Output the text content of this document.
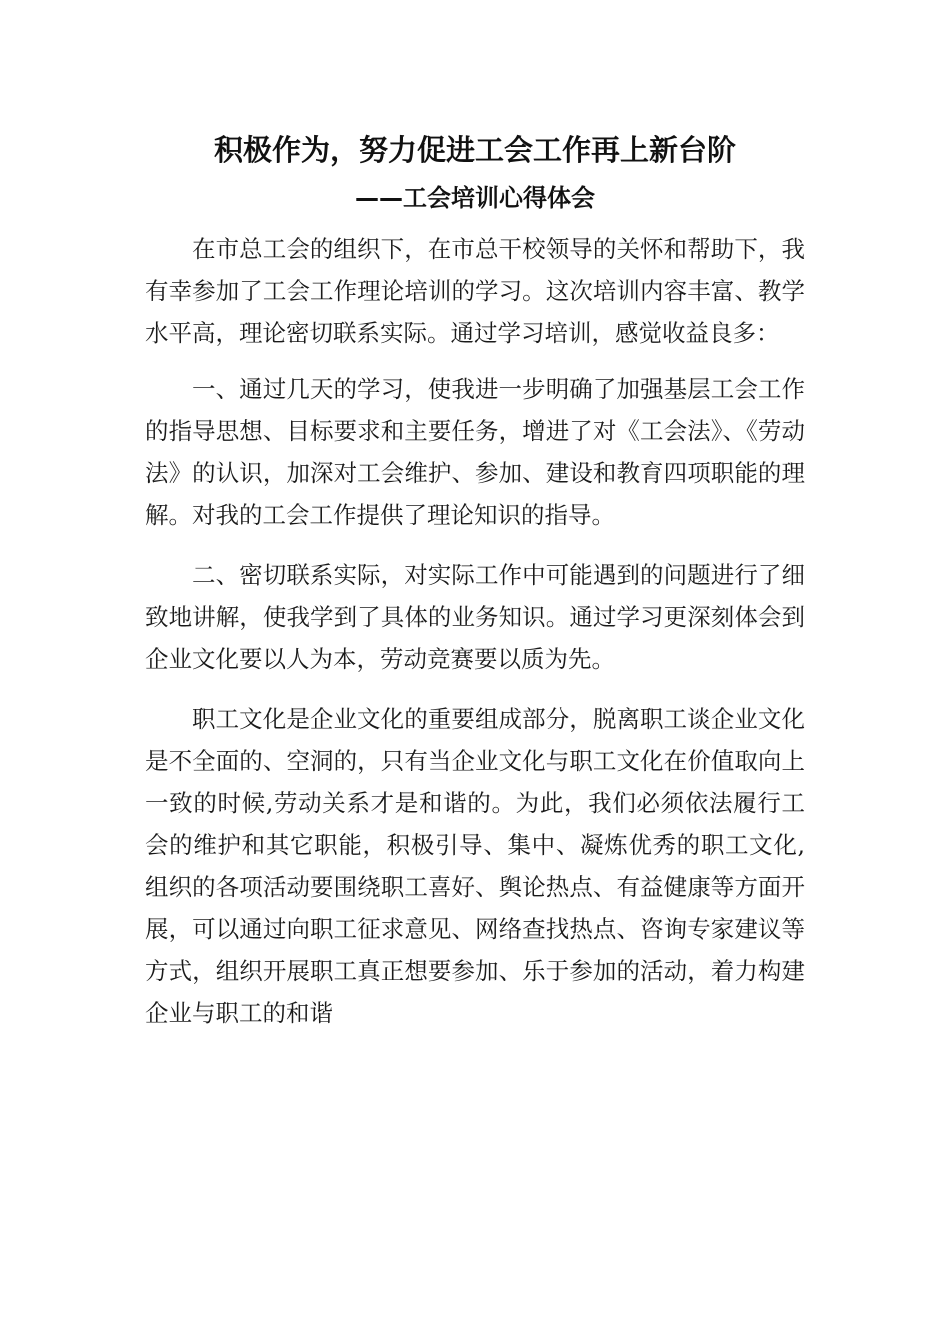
积极作为，努力促进工会工作再上新台阶
——工会培训心得体会

在市总工会的组织下，在市总干校领导的关怀和帮助下，我有幸参加了工会工作理论培训的学习。这次培训内容丰富、教学水平高，理论密切联系实际。通过学习培训，感觉收益良多：

一、通过几天的学习，使我进一步明确了加强基层工会工作的指导思想、目标要求和主要任务，增进了对《工会法》、《劳动法》的认识，加深对工会维护、参加、建设和教育四项职能的理解。对我的工会工作提供了理论知识的指导。

二、密切联系实际，对实际工作中可能遇到的问题进行了细致地讲解，使我学到了具体的业务知识。通过学习更深刻体会到企业文化要以人为本，劳动竞赛要以质为先。

职工文化是企业文化的重要组成部分，脱离职工谈企业文化是不全面的、空洞的，只有当企业文化与职工文化在价值取向上一致的时候,劳动关系才是和谐的。为此，我们必须依法履行工会的维护和其它职能，积极引导、集中、凝炼优秀的职工文化,组织的各项活动要围绕职工喜好、舆论热点、有益健康等方面开展，可以通过向职工征求意见、网络查找热点、咨询专家建议等方式，组织开展职工真正想要参加、乐于参加的活动，着力构建企业与职工的和谐
